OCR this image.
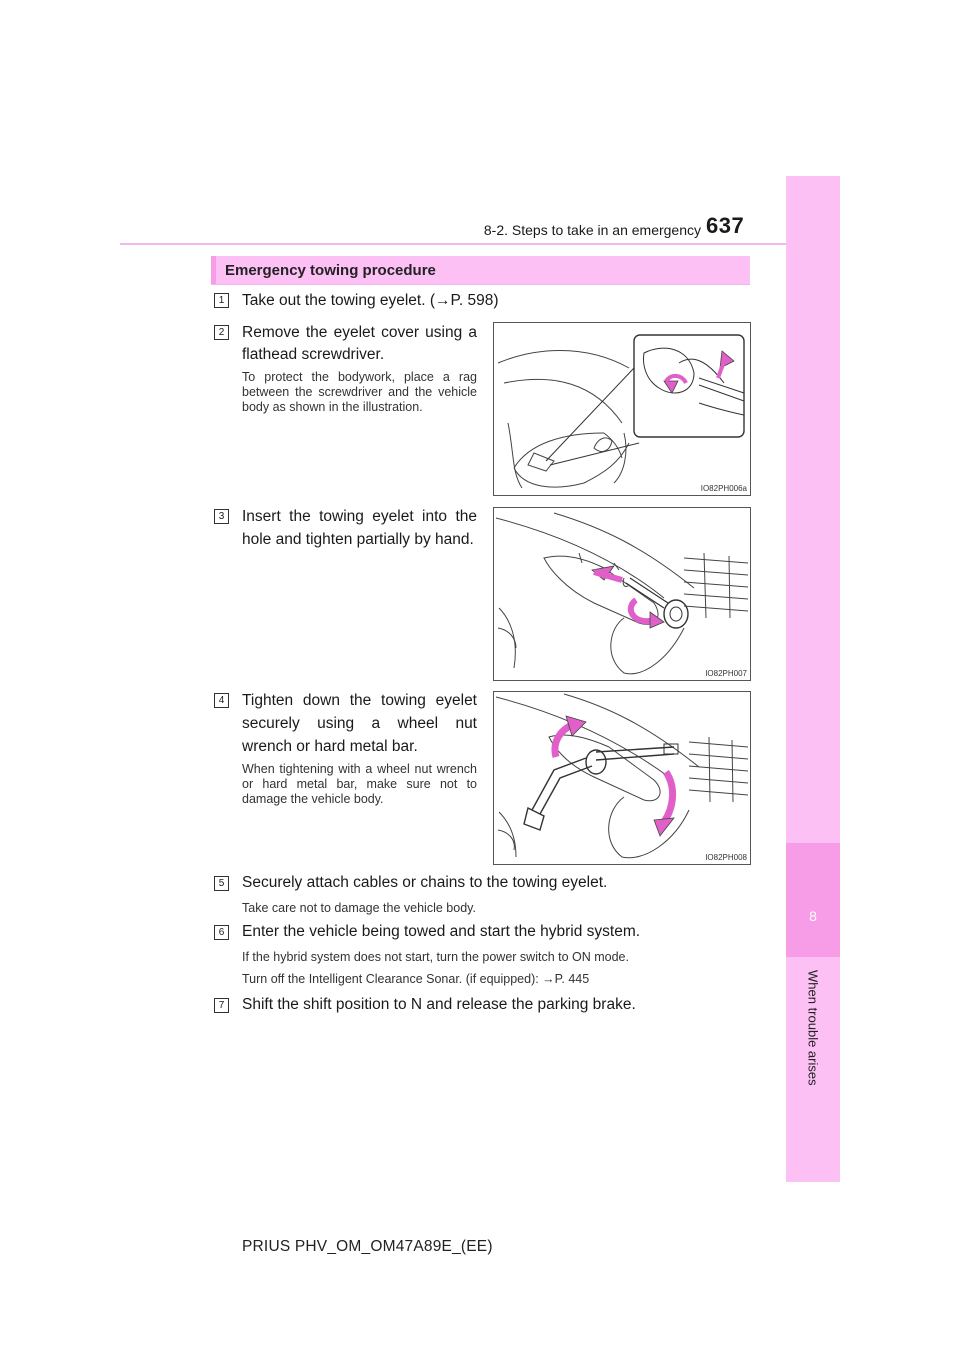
8-2. Steps to take in an emergency 637
8
When trouble arises
Emergency towing procedure
1	Take out the towing eyelet. (→P. 598)
2	Remove the eyelet cover using a flathead screwdriver.
To protect the bodywork, place a rag between the screwdriver and the vehicle body as shown in the illustration.
IO82PH006a
3	Insert the towing eyelet into the hole and tighten partially by hand.
IO82PH007
4	Tighten down the towing eyelet securely using a wheel nut wrench or hard metal bar.
When tightening with a wheel nut wrench or hard metal bar, make sure not to damage the vehicle body.
IO82PH008
5	Securely attach cables or chains to the towing eyelet.
Take care not to damage the vehicle body.
6	Enter the vehicle being towed and start the hybrid system.
If the hybrid system does not start, turn the power switch to ON mode.
Turn off the Intelligent Clearance Sonar. (if equipped): →P. 445
7	Shift the shift position to N and release the parking brake.
PRIUS PHV_OM_OM47A89E_(EE)
